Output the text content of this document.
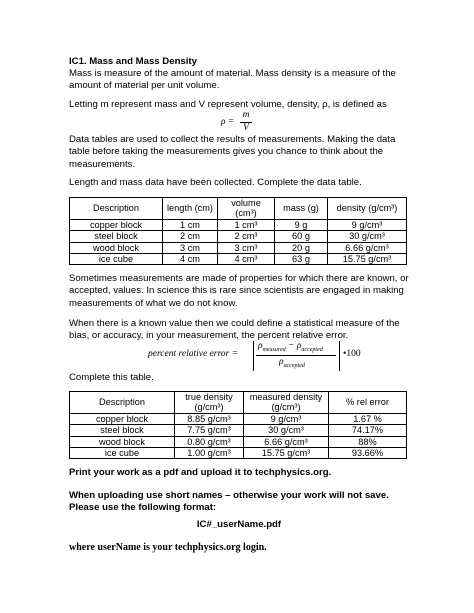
IC1. Mass and Mass Density

Mass is measure of the amount of material. Mass density is a measure of the amount of material per unit volume.

Letting m represent mass and V represent volume, density, ρ, is defined as

ρ =
m
V

Data tables are used to collect the results of measurements. Making the data table before taking the measurements gives you chance to think about the measurements.

Length and mass data have been collected. Complete the data table.

Description	length (cm)	volume (cm³)	mass (g)	density (g/cm³)
copper block	1 cm	1 cm³	9 g	9 g/cm³
steel block	2 cm	2 cm³	60 g	30 g/cm³
wood block	3 cm	3 cm³	20 g	6.66 g/cm³
ice cube	4 cm	4 cm³	63 g	15.75 g/cm³

Sometimes measurements are made of properties for which there are known, or accepted, values. In science this is rare since scientists are engaged in making measurements of what we do not know.

When there is a known value then we could define a statistical measure of the bias, or accuracy, in your measurement, the percent relative error.

percent relative error =
$\rho_{measured} - \rho_{accepted}$
$\rho_{accepted}$
•100

Complete this table.

Description	true density (g/cm³)	measured density (g/cm³)	% rel error
copper block	8.85 g/cm³	9 g/cm³	1.67 %
steel block	7.75 g/cm³	30 g/cm³	74.17%
wood block	0.80 g/cm³	6.66 g/cm³	88%
ice cube	1.00 g/cm³	15.75 g/cm³	93.66%

Print your work as a pdf and upload it to techphysics.org.

When uploading use short names – otherwise your work will not save. Please use the following format:

IC#_userName.pdf

where userName is your techphysics.org login.
